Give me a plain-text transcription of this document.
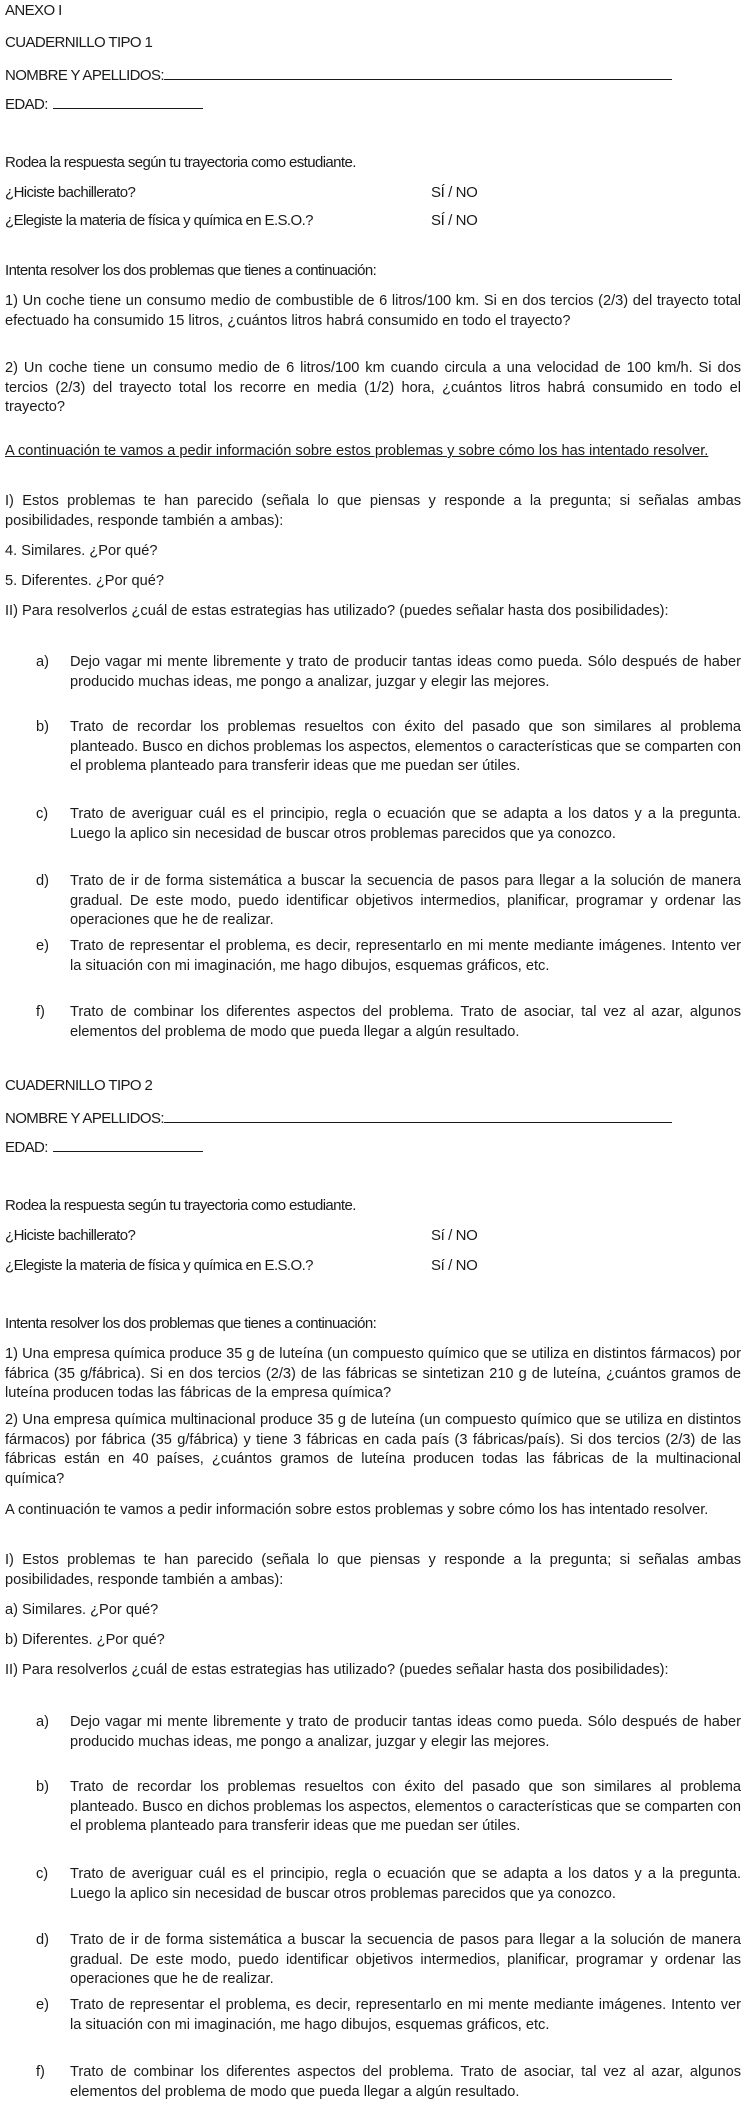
ANEXO I
CUADERNILLO TIPO 1
NOMBRE Y APELLIDOS:
EDAD:
Rodea la respuesta según tu trayectoria como estudiante.
¿Hiciste bachillerato?	SÍ / NO
¿Elegiste la materia de física y química en E.S.O.?	SÍ / NO
Intenta resolver los dos problemas que tienes a continuación:
1) Un coche tiene un consumo medio de combustible de 6 litros/100 km. Si en dos tercios (2/3) del trayecto total efectuado ha consumido 15 litros, ¿cuántos litros habrá consumido en todo el trayecto?
2) Un coche tiene un consumo medio de 6 litros/100 km cuando circula a una velocidad de 100 km/h. Si dos tercios (2/3) del trayecto total los recorre en media (1/2) hora, ¿cuántos litros habrá consumido en todo el trayecto?
A continuación te vamos a pedir información sobre estos problemas y sobre cómo los has intentado resolver.
I) Estos problemas te han parecido (señala lo que piensas y responde a la pregunta; si señalas ambas posibilidades, responde también a ambas):
4. Similares. ¿Por qué?
5. Diferentes. ¿Por qué?
II) Para resolverlos ¿cuál de estas estrategias has utilizado? (puedes señalar hasta dos posibilidades):
a) Dejo vagar mi mente libremente y trato de producir tantas ideas como pueda. Sólo después de haber producido muchas ideas, me pongo a analizar, juzgar y elegir las mejores.
b) Trato de recordar los problemas resueltos con éxito del pasado que son similares al problema planteado. Busco en dichos problemas los aspectos, elementos o características que se comparten con el problema planteado para transferir ideas que me puedan ser útiles.
c) Trato de averiguar cuál es el principio, regla o ecuación que se adapta a los datos y a la pregunta. Luego la aplico sin necesidad de buscar otros problemas parecidos que ya conozco.
d) Trato de ir de forma sistemática a buscar la secuencia de pasos para llegar a la solución de manera gradual. De este modo, puedo identificar objetivos intermedios, planificar, programar y ordenar las operaciones que he de realizar.
e) Trato de representar el problema, es decir, representarlo en mi mente mediante imágenes. Intento ver la situación con mi imaginación, me hago dibujos, esquemas gráficos, etc.
f) Trato de combinar los diferentes aspectos del problema. Trato de asociar, tal vez al azar, algunos elementos del problema de modo que pueda llegar a algún resultado.
CUADERNILLO TIPO 2
NOMBRE Y APELLIDOS:
EDAD:
Rodea la respuesta según tu trayectoria como estudiante.
¿Hiciste bachillerato?	Sí / NO
¿Elegiste la materia de física y química en E.S.O.?	Sí / NO
Intenta resolver los dos problemas que tienes a continuación:
1) Una empresa química produce 35 g de luteína (un compuesto químico que se utiliza en distintos fármacos) por fábrica (35 g/fábrica). Si en dos tercios (2/3) de las fábricas se sintetizan 210 g de luteína, ¿cuántos gramos de luteína producen todas las fábricas de la empresa química?
2) Una empresa química multinacional produce 35 g de luteína (un compuesto químico que se utiliza en distintos fármacos) por fábrica (35 g/fábrica) y tiene 3 fábricas en cada país (3 fábricas/país). Si dos tercios (2/3) de las fábricas están en 40 países, ¿cuántos gramos de luteína producen todas las fábricas de la multinacional química?
A continuación te vamos a pedir información sobre estos problemas y sobre cómo los has intentado resolver.
I) Estos problemas te han parecido (señala lo que piensas y responde a la pregunta; si señalas ambas posibilidades, responde también a ambas):
a) Similares. ¿Por qué?
b) Diferentes. ¿Por qué?
II) Para resolverlos ¿cuál de estas estrategias has utilizado? (puedes señalar hasta dos posibilidades):
a) Dejo vagar mi mente libremente y trato de producir tantas ideas como pueda. Sólo después de haber producido muchas ideas, me pongo a analizar, juzgar y elegir las mejores.
b) Trato de recordar los problemas resueltos con éxito del pasado que son similares al problema planteado. Busco en dichos problemas los aspectos, elementos o características que se comparten con el problema planteado para transferir ideas que me puedan ser útiles.
c) Trato de averiguar cuál es el principio, regla o ecuación que se adapta a los datos y a la pregunta. Luego la aplico sin necesidad de buscar otros problemas parecidos que ya conozco.
d) Trato de ir de forma sistemática a buscar la secuencia de pasos para llegar a la solución de manera gradual. De este modo, puedo identificar objetivos intermedios, planificar, programar y ordenar las operaciones que he de realizar.
e) Trato de representar el problema, es decir, representarlo en mi mente mediante imágenes. Intento ver la situación con mi imaginación, me hago dibujos, esquemas gráficos, etc.
f) Trato de combinar los diferentes aspectos del problema. Trato de asociar, tal vez al azar, algunos elementos del problema de modo que pueda llegar a algún resultado.
